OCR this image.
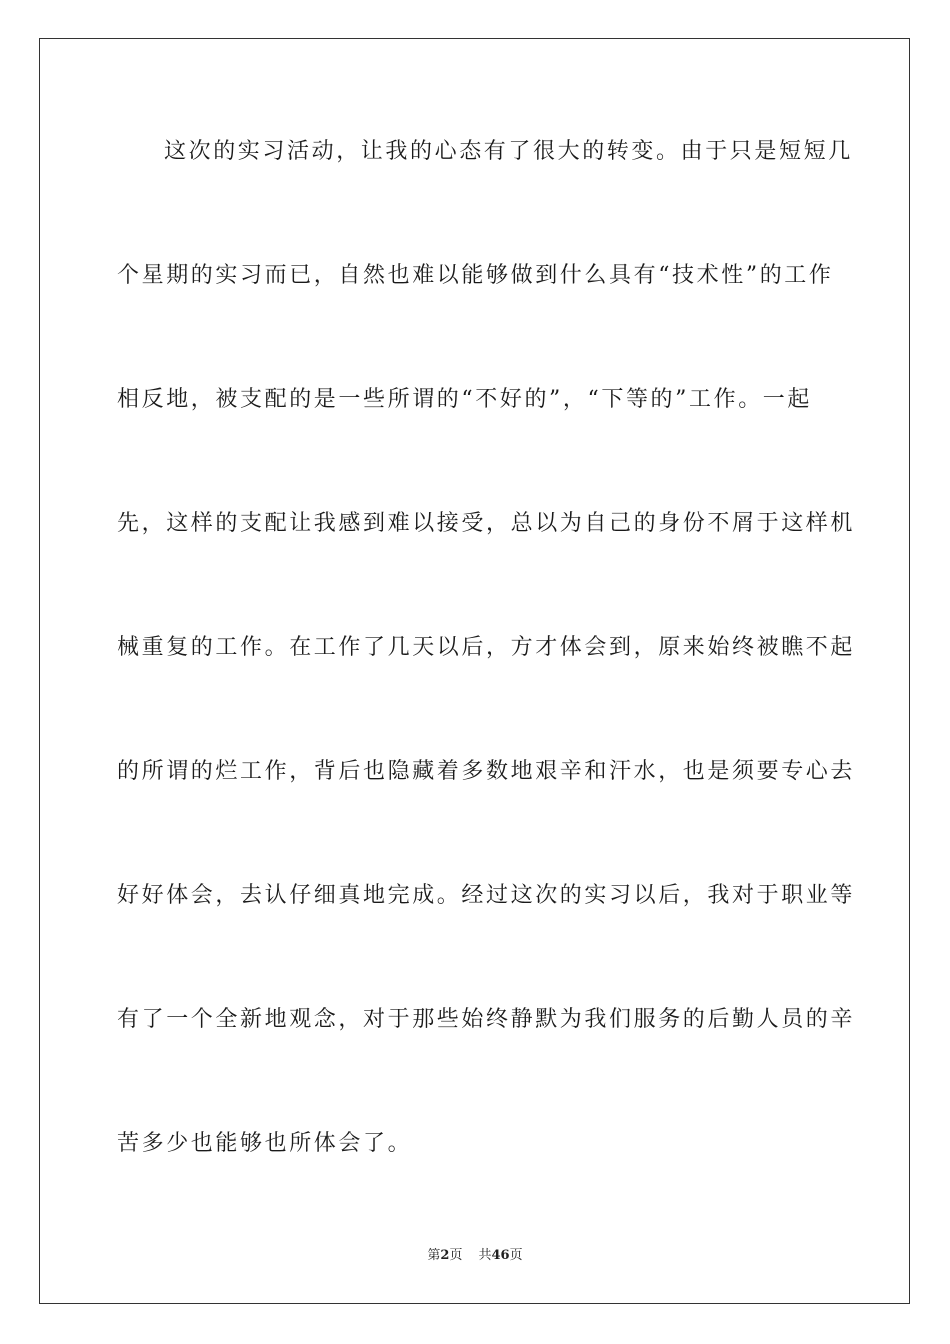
这次的实习活动，让我的心态有了很大的转变。由于只是短短几
个星期的实习而已，自然也难以能够做到什么具有“技术性”的工作
相反地，被支配的是一些所谓的“不好的”，“下等的”工作。一起
先，这样的支配让我感到难以接受，总以为自己的身份不屑于这样机
械重复的工作。在工作了几天以后，方才体会到，原来始终被瞧不起
的所谓的烂工作，背后也隐藏着多数地艰辛和汗水，也是须要专心去
好好体会，去认仔细真地完成。经过这次的实习以后，我对于职业等
有了一个全新地观念，对于那些始终静默为我们服务的后勤人员的辛
苦多少也能够也所体会了。
第2页 共46页
